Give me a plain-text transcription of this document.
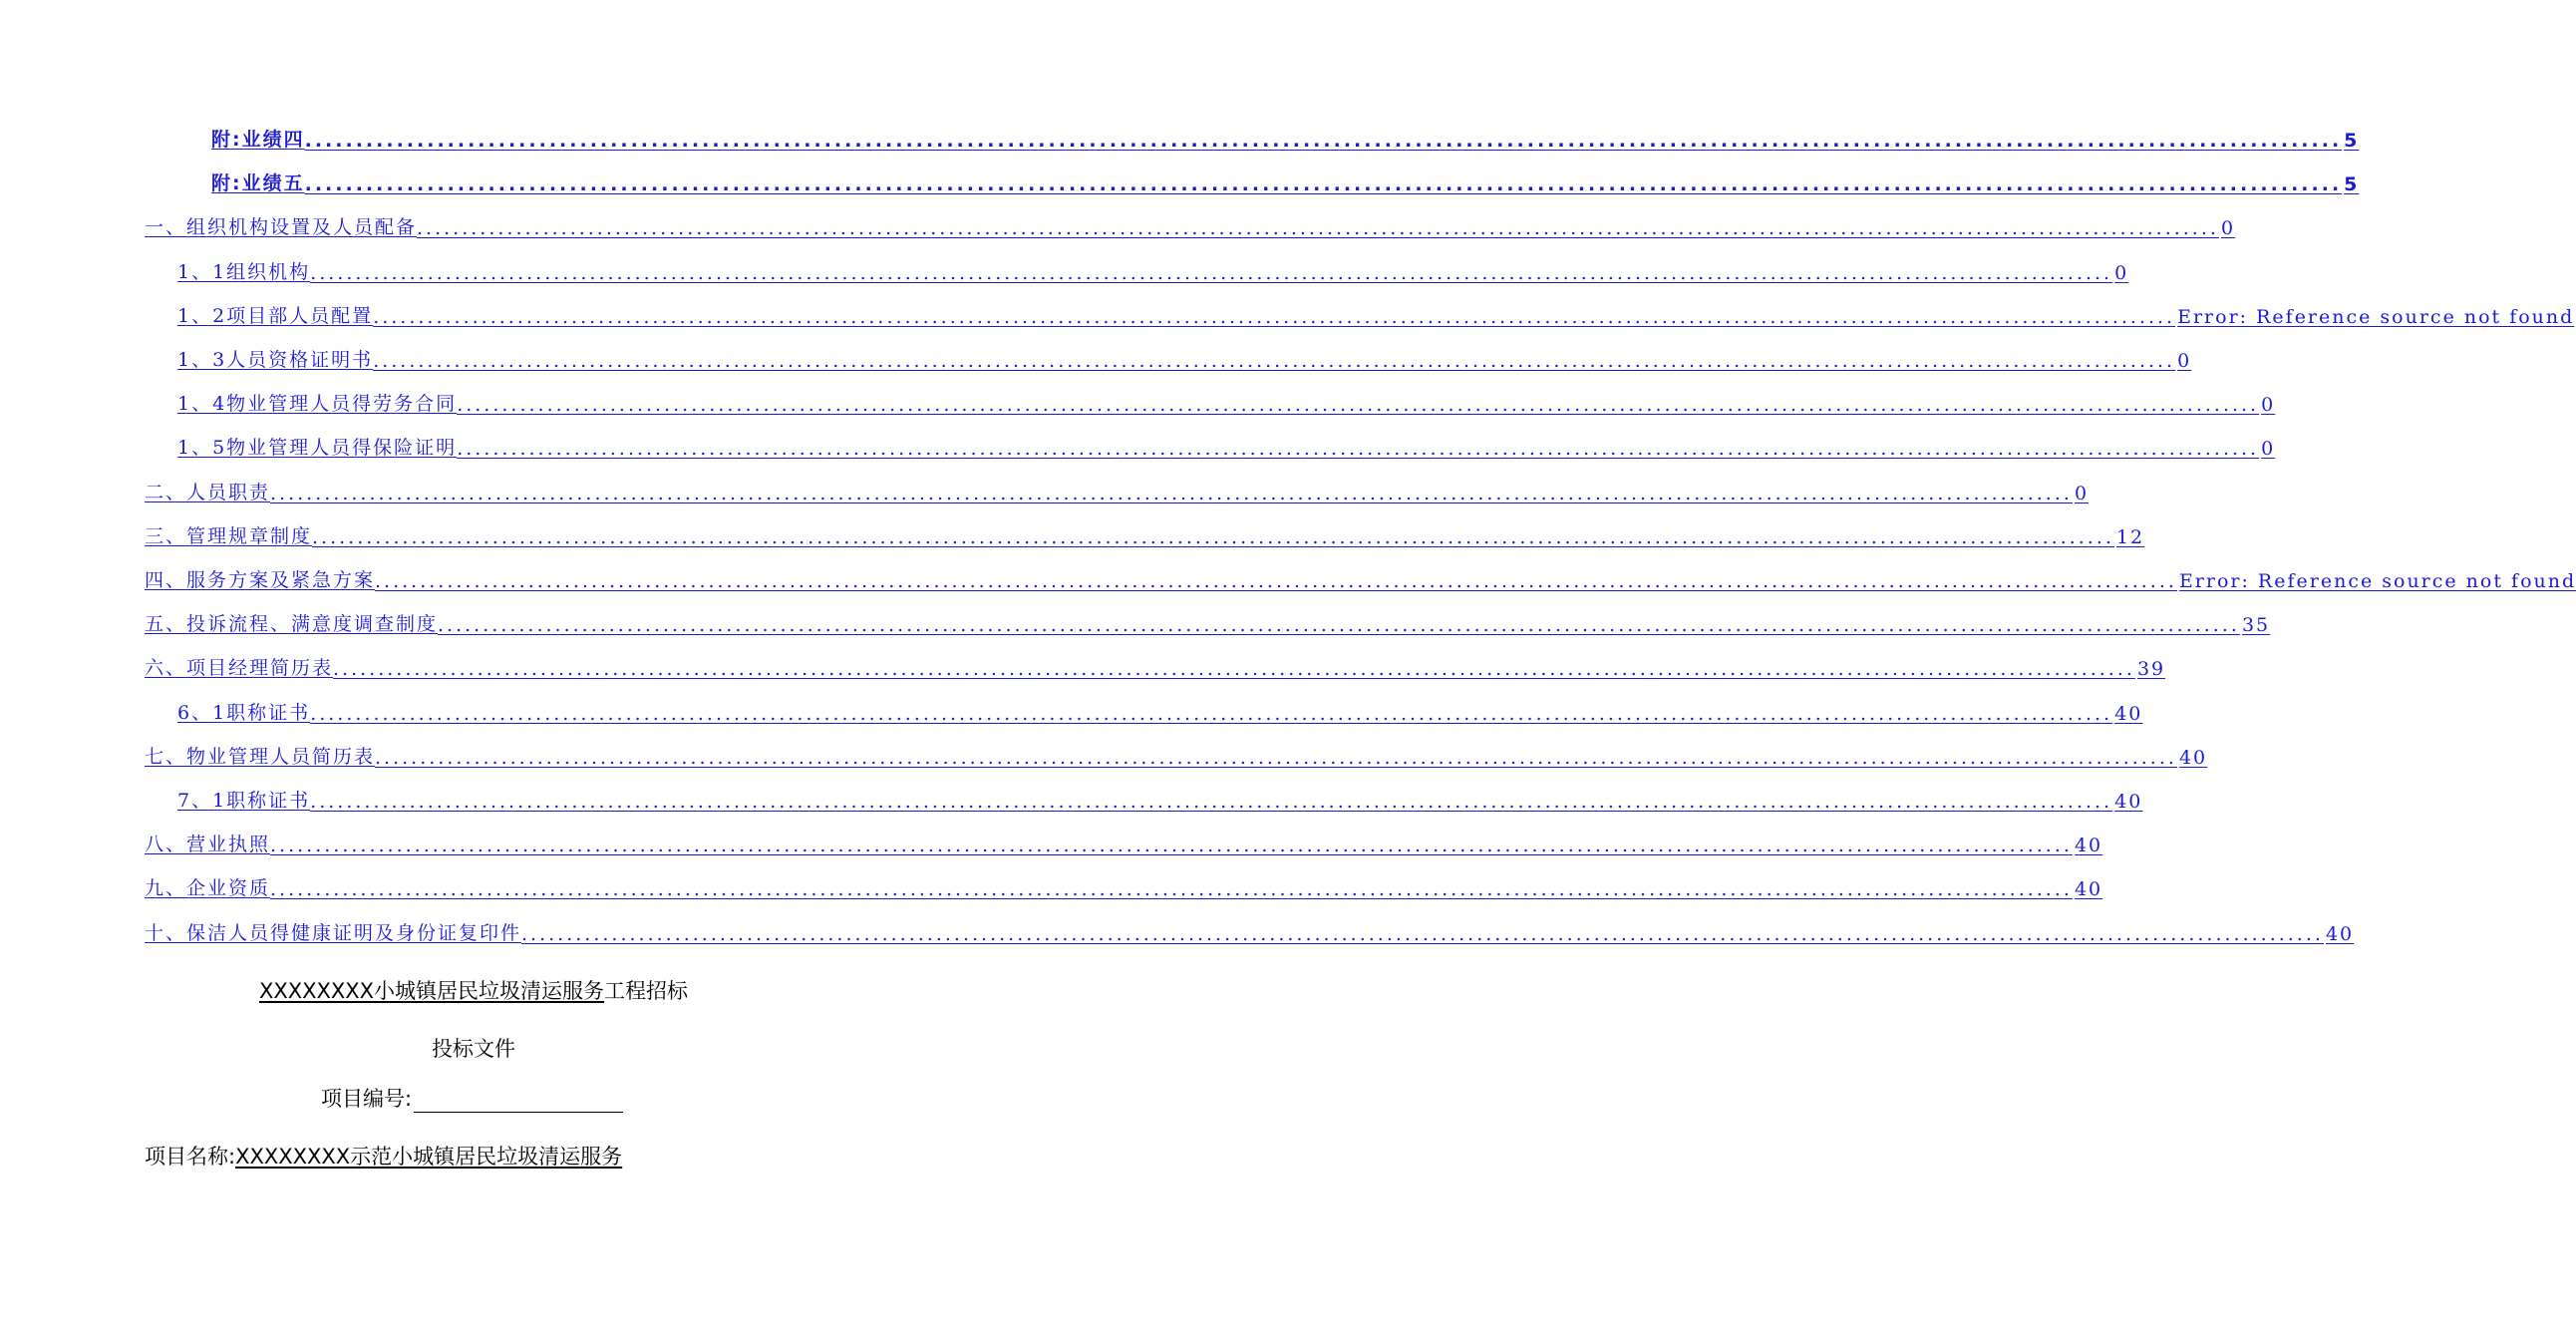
附:业绩四 ........................................................................................................................................................................................................ 5
附:业绩五 ........................................................................................................................................................................................................ 5
一、组织机构设置及人员配备 ........................................................................................................................................................................................................ 0
1、1组织机构 ........................................................................................................................................................................................................ 0
1、2项目部人员配置 ........................................................................................................................................................................................................ Error: Reference source not found
1、3人员资格证明书 ........................................................................................................................................................................................................ 0
1、4物业管理人员得劳务合同 ........................................................................................................................................................................................................ 0
1、5物业管理人员得保险证明 ........................................................................................................................................................................................................ 0
二、人员职责 ........................................................................................................................................................................................................ 0
三、管理规章制度 ........................................................................................................................................................................................................ 12
四、服务方案及紧急方案 ........................................................................................................................................................................................................ Error: Reference source not found
五、投诉流程、满意度调查制度 ........................................................................................................................................................................................................ 35
六、项目经理简历表 ........................................................................................................................................................................................................ 39
6、1职称证书 ........................................................................................................................................................................................................ 40
七、物业管理人员简历表 ........................................................................................................................................................................................................ 40
7、1职称证书 ........................................................................................................................................................................................................ 40
八、营业执照 ........................................................................................................................................................................................................ 40
九、企业资质 ........................................................................................................................................................................................................ 40
十、保洁人员得健康证明及身份证复印件 ........................................................................................................................................................................................................ 40
XXXXXXXX小城镇居民垃圾清运服务工程招标
投标文件
项目编号:
项目名称:XXXXXXXX示范小城镇居民垃圾清运服务
